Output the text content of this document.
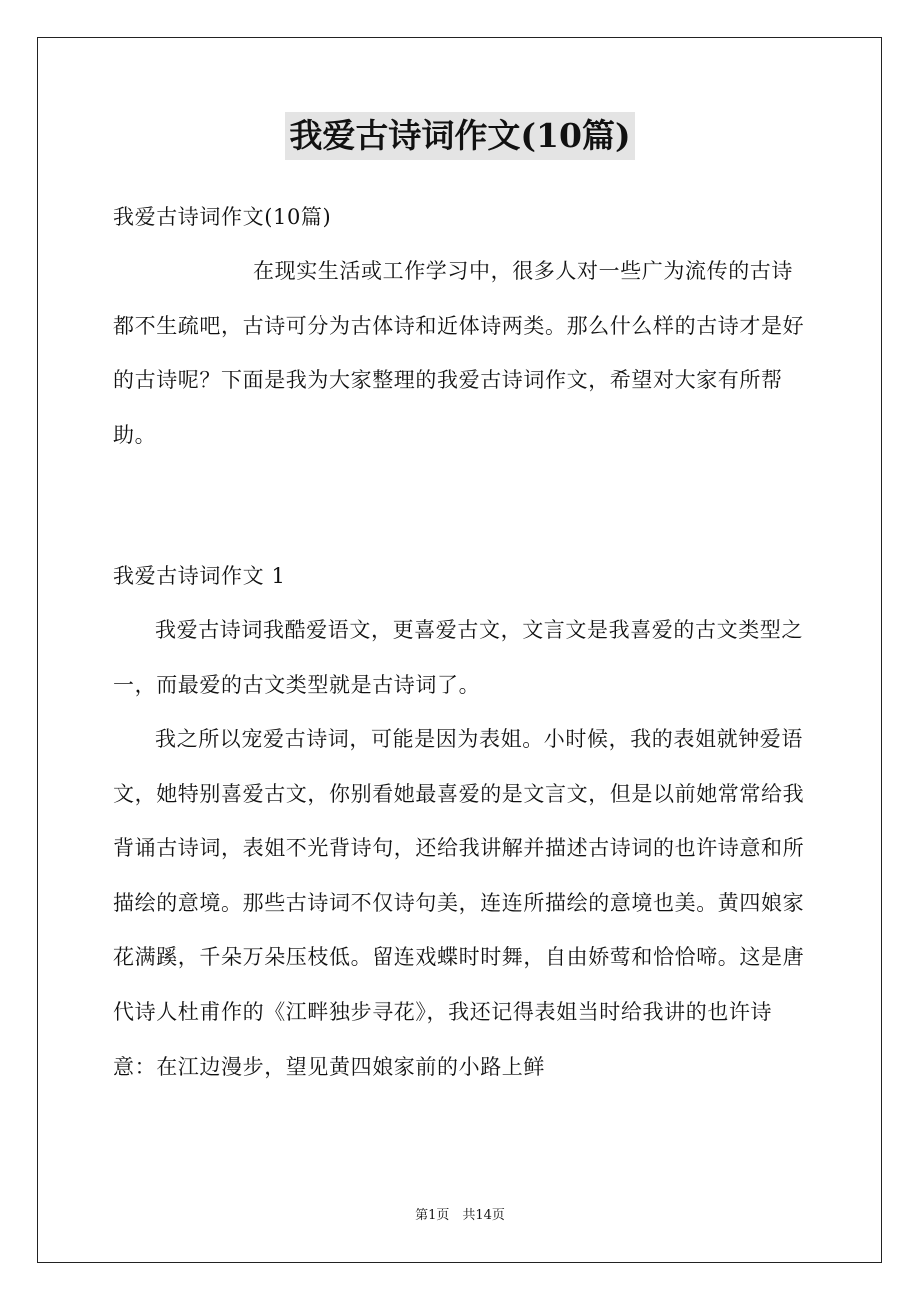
我爱古诗词作文(10篇)
我爱古诗词作文(10篇)
在现实生活或工作学习中，很多人对一些广为流传的古诗都不生疏吧，古诗可分为古体诗和近体诗两类。那么什么样的古诗才是好的古诗呢？下面是我为大家整理的我爱古诗词作文，希望对大家有所帮助。
我爱古诗词作文 1
我爱古诗词我酷爱语文，更喜爱古文，文言文是我喜爱的古文类型之一，而最爱的古文类型就是古诗词了。
我之所以宠爱古诗词，可能是因为表姐。小时候，我的表姐就钟爱语文，她特别喜爱古文，你别看她最喜爱的是文言文，但是以前她常常给我背诵古诗词，表姐不光背诗句，还给我讲解并描述古诗词的也许诗意和所描绘的意境。那些古诗词不仅诗句美，连连所描绘的意境也美。黄四娘家花满蹊，千朵万朵压枝低。留连戏蝶时时舞，自由娇莺和恰恰啼。这是唐代诗人杜甫作的《江畔独步寻花》，我还记得表姐当时给我讲的也许诗意：在江边漫步，望见黄四娘家前的小路上鲜
第1页　共14页
